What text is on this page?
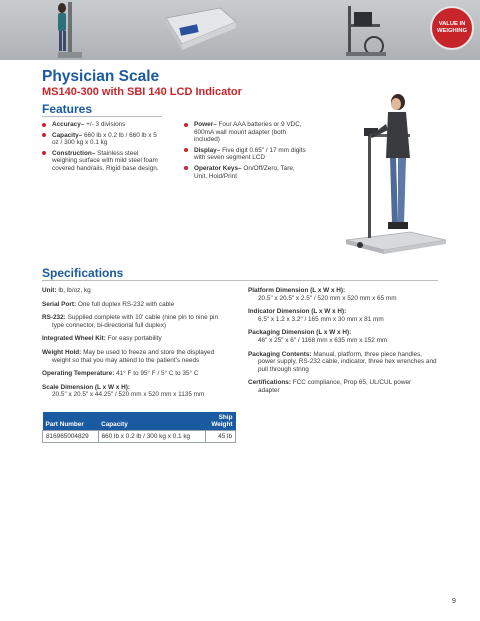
VALUE IN
WEIGHING
Physician Scale
MS140-300 with SBI 140 LCD Indicator
Features
Accuracy– +/- 3 divisions
Capacity– 660 lb x 0.2 lb / 660 lb x 5 oz / 300 kg x 0.1 kg
Construction– Stainless steel weighing surface with mild steel foam covered handrails. Rigid base design.
Power– Four AAA batteries or 9 VDC, 600mA wall mount adapter (both included)
Display– Five digit 0.65" / 17 mm digits with seven segment LCD
Operator Keys– On/Off/Zero, Tare, Unit, Hold/Print
Specifications
Unit: lb, lb/oz, kg
Serial Port: One full duplex RS-232 with cable
RS-232: Supplied complete with 10' cable (nine pin to nine pin
type connector, bi-directional full duplex)
Integrated Wheel Kit: For easy portability
Weight Hold: May be used to freeze and store the displayed
weight so that you may attend to the patient's needs
Operating Temperature: 41° F to 95° F / 5° C to 35° C
Scale Dimension (L x W x H):
20.5" x 20.5" x 44.25" / 520 mm x 520 mm x 1135 mm
Platform Dimension (L x W x H):
20.5" x 20.5" x 2.5" / 520 mm x 520 mm x 65 mm
Indicator Dimension (L x W x H):
6.5" x 1.2 x 3.2" / 165 mm x 30 mm x 81 mm
Packaging Dimension (L x W x H):
46" x 25" x 6" / 1168 mm x 635 mm x 152 mm
Packaging Contents: Manual, platform, three piece handles,
power supply, RS-232 cable, indicator, three hex wrenches and pull through string
Certifications: FCC compliance, Prop 65, UL/CUL power
adapter
Part Number	Capacity	Ship
Weight
816965004829	660 lb x 0.2 lb / 300 kg x 0.1 kg	45 lb
9
